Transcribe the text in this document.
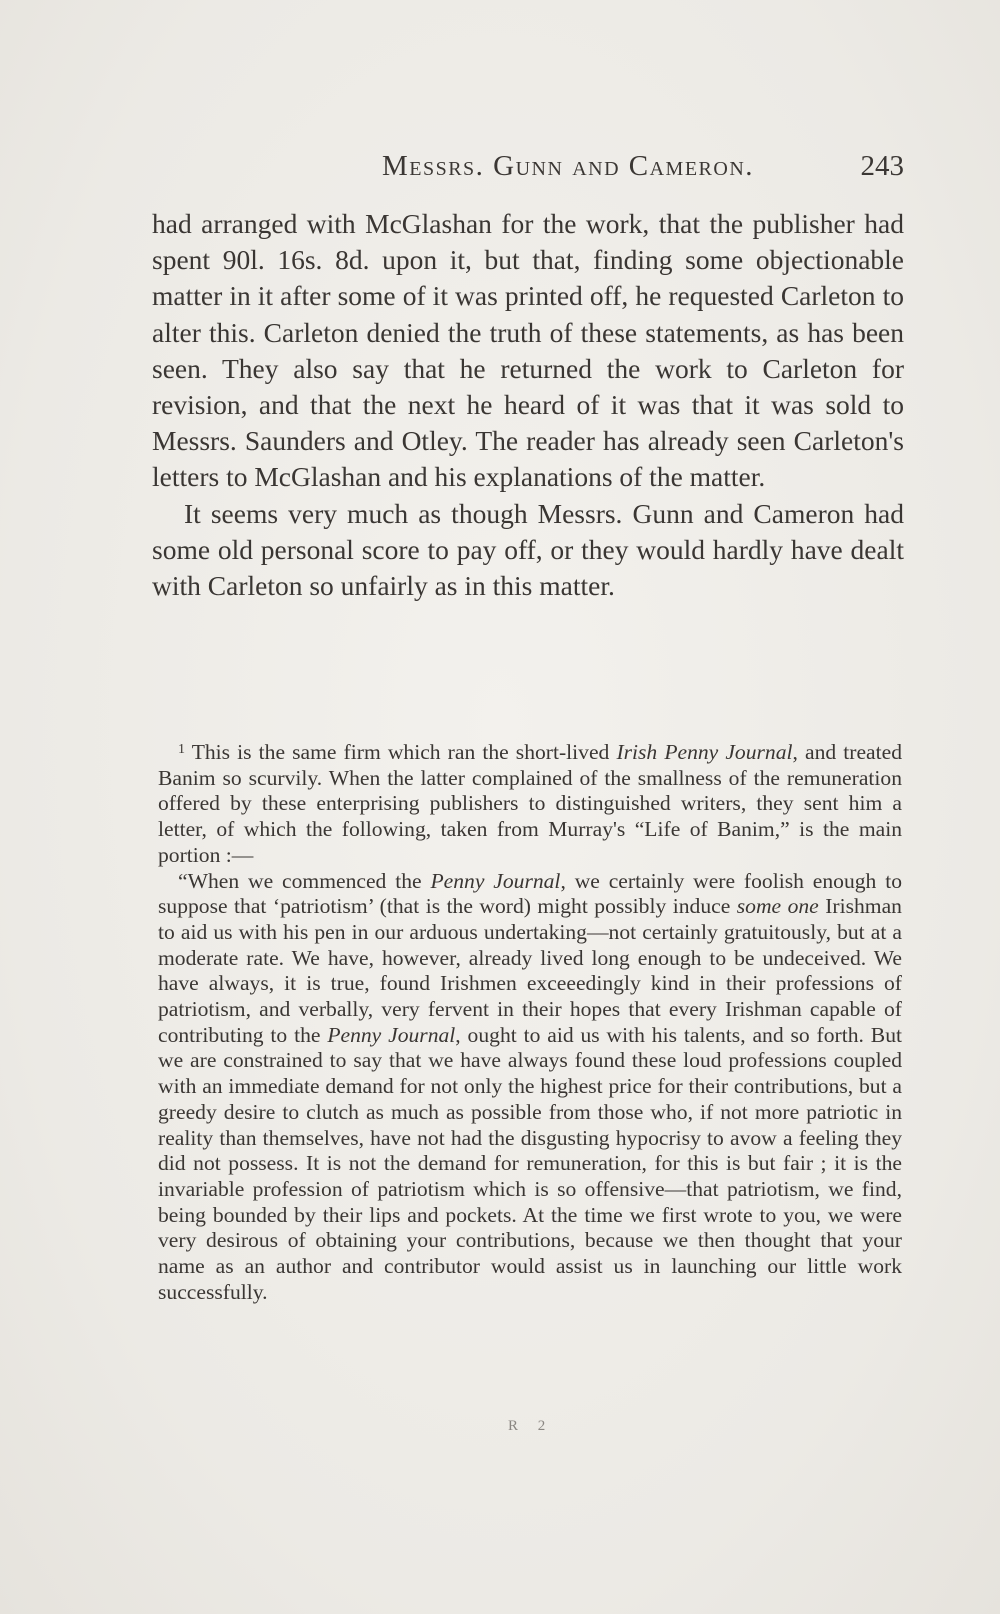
Messrs. Gunn and Cameron.	243

had arranged with McGlashan for the work, that the publisher had spent 90l. 16s. 8d. upon it, but that, finding some objectionable matter in it after some of it was printed off, he requested Carleton to alter this. Carleton denied the truth of these statements, as has been seen. They also say that he returned the work to Carleton for revision, and that the next he heard of it was that it was sold to Messrs. Saunders and Otley. The reader has already seen Carleton's letters to McGlashan and his explanations of the matter.

It seems very much as though Messrs. Gunn and Cameron had some old personal score to pay off, or they would hardly have dealt with Carleton so unfairly as in this matter.

$^1$ This is the same firm which ran the short-lived Irish Penny Journal, and treated Banim so scurvily. When the latter complained of the smallness of the remuneration offered by these enterprising publishers to distinguished writers, they sent him a letter, of which the following, taken from Murray's “Life of Banim,” is the main portion :—

“When we commenced the Penny Journal, we certainly were foolish enough to suppose that ‘patriotism’ (that is the word) might possibly induce some one Irishman to aid us with his pen in our arduous undertaking—not certainly gratuitously, but at a moderate rate. We have, however, already lived long enough to be undeceived. We have always, it is true, found Irishmen exceeedingly kind in their professions of patriotism, and verbally, very fervent in their hopes that every Irishman capable of contributing to the Penny Journal, ought to aid us with his talents, and so forth. But we are constrained to say that we have always found these loud professions coupled with an immediate demand for not only the highest price for their contributions, but a greedy desire to clutch as much as possible from those who, if not more patriotic in reality than themselves, have not had the disgusting hypocrisy to avow a feeling they did not possess. It is not the demand for remuneration, for this is but fair ; it is the invariable profession of patriotism which is so offensive—that patriotism, we find, being bounded by their lips and pockets. At the time we first wrote to you, we were very desirous of obtaining your contributions, because we then thought that your name as an author and contributor would assist us in launching our little work successfully.

R 2
